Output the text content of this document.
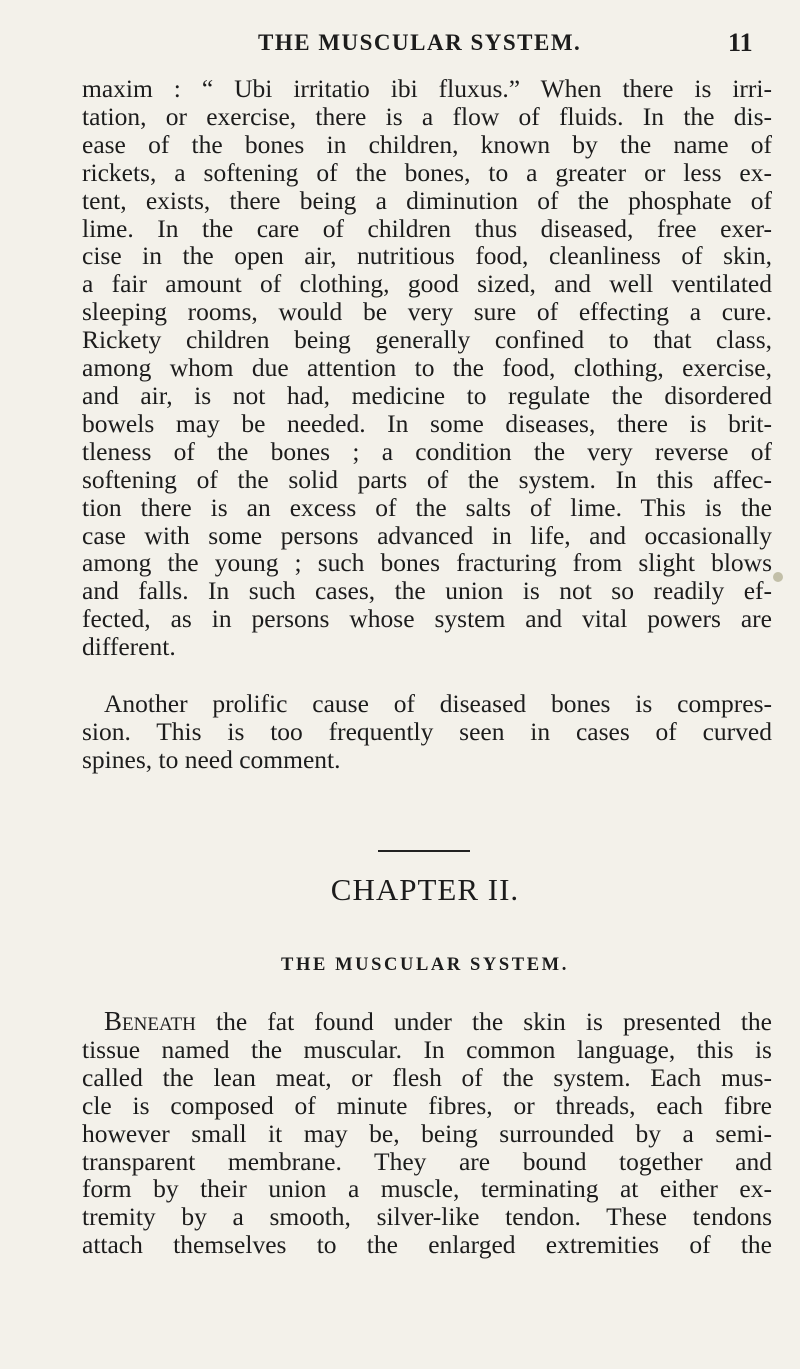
THE MUSCULAR SYSTEM.	11
maxim : “ Ubi irritatio ibi fluxus.” When there is irri-
tation, or exercise, there is a flow of fluids. In the dis-
ease of the bones in children, known by the name of
rickets, a softening of the bones, to a greater or less ex-
tent, exists, there being a diminution of the phosphate of
lime. In the care of children thus diseased, free exer-
cise in the open air, nutritious food, cleanliness of skin,
a fair amount of clothing, good sized, and well ventilated
sleeping rooms, would be very sure of effecting a cure.
Rickety children being generally confined to that class,
among whom due attention to the food, clothing, exercise,
and air, is not had, medicine to regulate the disordered
bowels may be needed. In some diseases, there is brit-
tleness of the bones ; a condition the very reverse of
softening of the solid parts of the system. In this affec-
tion there is an excess of the salts of lime. This is the
case with some persons advanced in life, and occasionally
among the young ; such bones fracturing from slight blows
and falls. In such cases, the union is not so readily ef-
fected, as in persons whose system and vital powers are
different.
Another prolific cause of diseased bones is compres-
sion. This is too frequently seen in cases of curved
spines, to need comment.
CHAPTER II.
THE MUSCULAR SYSTEM.
Beneath the fat found under the skin is presented the
tissue named the muscular. In common language, this is
called the lean meat, or flesh of the system. Each mus-
cle is composed of minute fibres, or threads, each fibre
however small it may be, being surrounded by a semi-
transparent membrane. They are bound together and
form by their union a muscle, terminating at either ex-
tremity by a smooth, silver-like tendon. These tendons
attach themselves to the enlarged extremities of the
